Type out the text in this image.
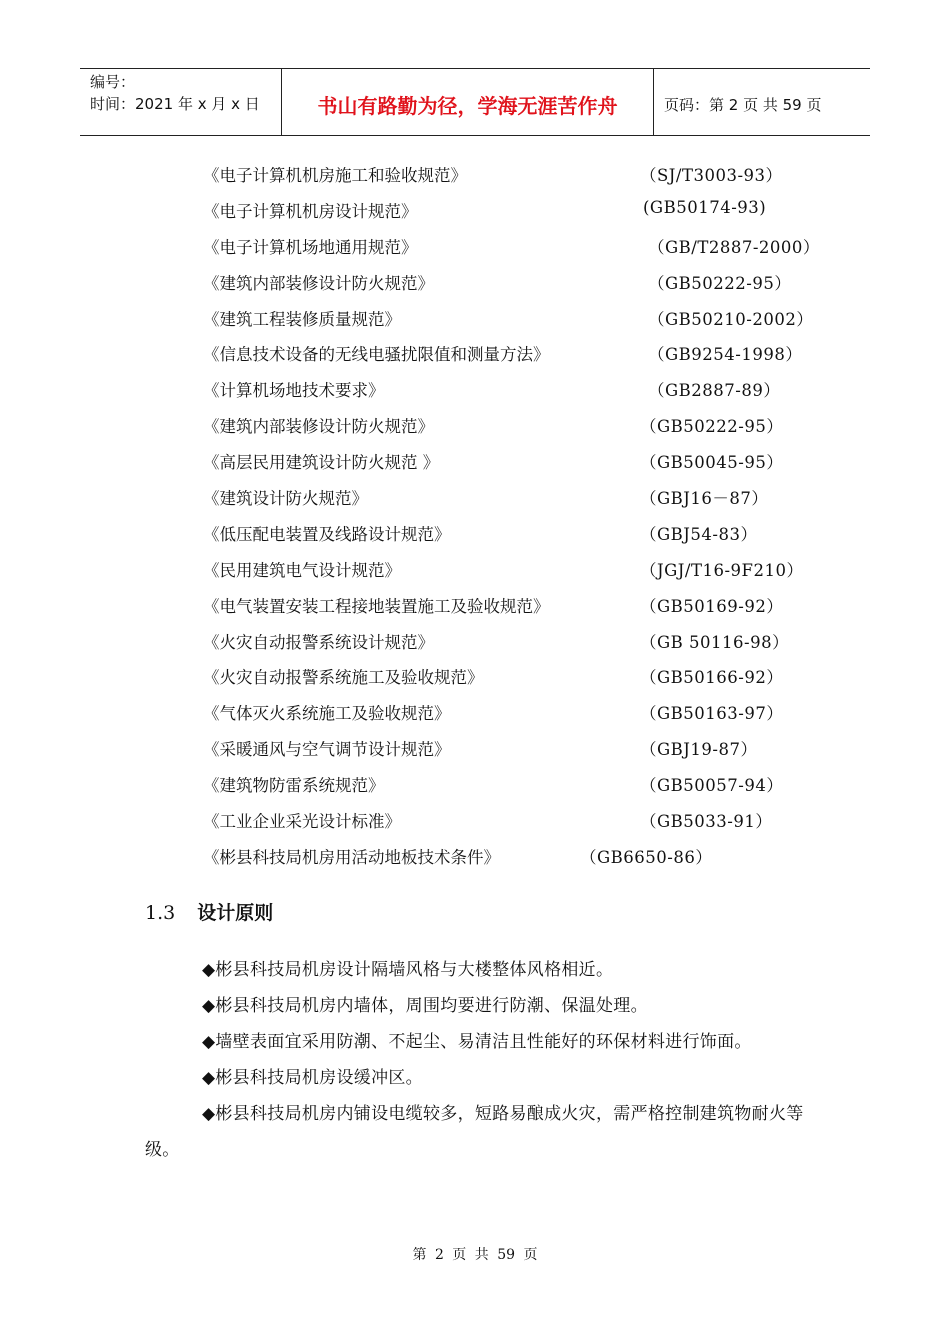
编号：
时间：2021 年 x 月 x 日	书山有路勤为径，学海无涯苦作舟	页码：第 2 页 共 59 页
《电子计算机机房施工和验收规范》	（SJ/T3003-93）
《电子计算机机房设计规范》	(GB50174-93)
《电子计算机场地通用规范》	（GB/T2887-2000）
《建筑内部装修设计防火规范》	（GB50222-95）
《建筑工程装修质量规范》	（GB50210-2002）
《信息技术设备的无线电骚扰限值和测量方法》	（GB9254-1998）
《计算机场地技术要求》	（GB2887-89）
《建筑内部装修设计防火规范》	（GB50222-95）
《高层民用建筑设计防火规范 》	（GB50045-95）
《建筑设计防火规范》	（GBJ16－87）
《低压配电装置及线路设计规范》	（GBJ54-83）
《民用建筑电气设计规范》	（JGJ/T16-9F210）
《电气装置安装工程接地装置施工及验收规范》	（GB50169-92）
《火灾自动报警系统设计规范》	（GB 50116-98）
《火灾自动报警系统施工及验收规范》	（GB50166-92）
《气体灭火系统施工及验收规范》	（GB50163-97）
《采暖通风与空气调节设计规范》	（GBJ19-87）
《建筑物防雷系统规范》	（GB50057-94）
《工业企业采光设计标准》	（GB5033-91）
《彬县科技局机房用活动地板技术条件》	（GB6650-86）
1.3 设计原则

◆彬县科技局机房设计隔墙风格与大楼整体风格相近。

◆彬县科技局机房内墙体，周围均要进行防潮、保温处理。

◆墙壁表面宜采用防潮、不起尘、易清洁且性能好的环保材料进行饰面。

◆彬县科技局机房设缓冲区。

◆彬县科技局机房内铺设电缆较多，短路易酿成火灾，需严格控制建筑物耐火等级。

第 2 页 共 59 页
